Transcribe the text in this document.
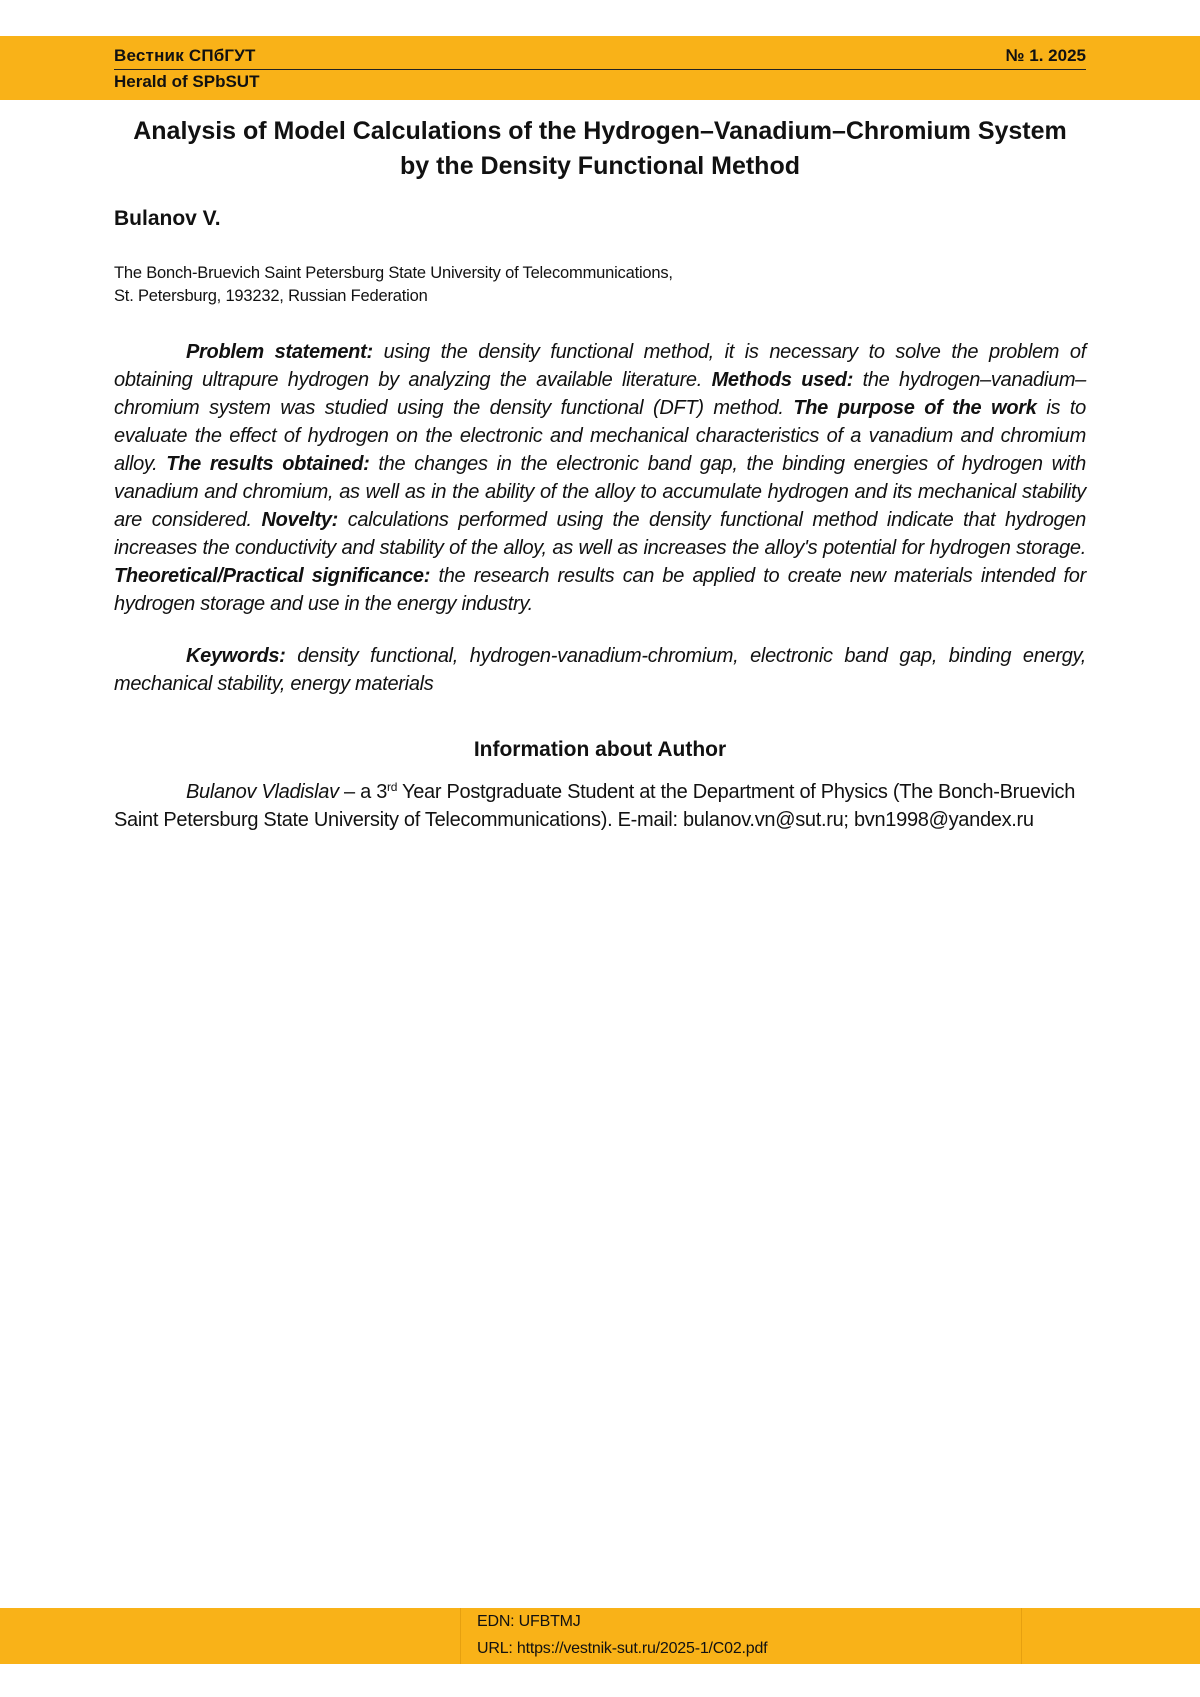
Вестник СПбГУТ	№ 1. 2025
Herald of SPbSUT
Analysis of Model Calculations of the Hydrogen–Vanadium–Chromium System
by the Density Functional Method
Bulanov V.
The Bonch-Bruevich Saint Petersburg State University of Telecommunications,
St. Petersburg, 193232, Russian Federation

Problem statement: using the density functional method, it is necessary to solve the problem of obtaining ultrapure hydrogen by analyzing the available literature. Methods used: the hydrogen–vanadium–chromium system was studied using the density functional (DFT) method. The purpose of the work is to evaluate the effect of hydrogen on the electronic and mechanical characteristics of a vanadium and chromium alloy. The results obtained: the changes in the electronic band gap, the binding energies of hydrogen with vanadium and chromium, as well as in the ability of the alloy to accumulate hydrogen and its mechanical stability are considered. Novelty: calculations performed using the density functional method indicate that hydrogen increases the conductivity and stability of the alloy, as well as increases the alloy's potential for hydrogen storage. Theoretical/Practical significance: the research results can be applied to create new materials intended for hydrogen storage and use in the energy industry.

Keywords: density functional, hydrogen-vanadium-chromium, electronic band gap, binding energy, mechanical stability, energy materials

Information about Author

Bulanov Vladislav – a 3rd Year Postgraduate Student at the Department of Physics (The Bonch-Bruevich Saint Petersburg State University of Telecommunications). E-mail: bulanov.vn@sut.ru; bvn1998@yandex.ru

EDN: UFBTMJ
URL: https://vestnik-sut.ru/2025-1/C02.pdf
